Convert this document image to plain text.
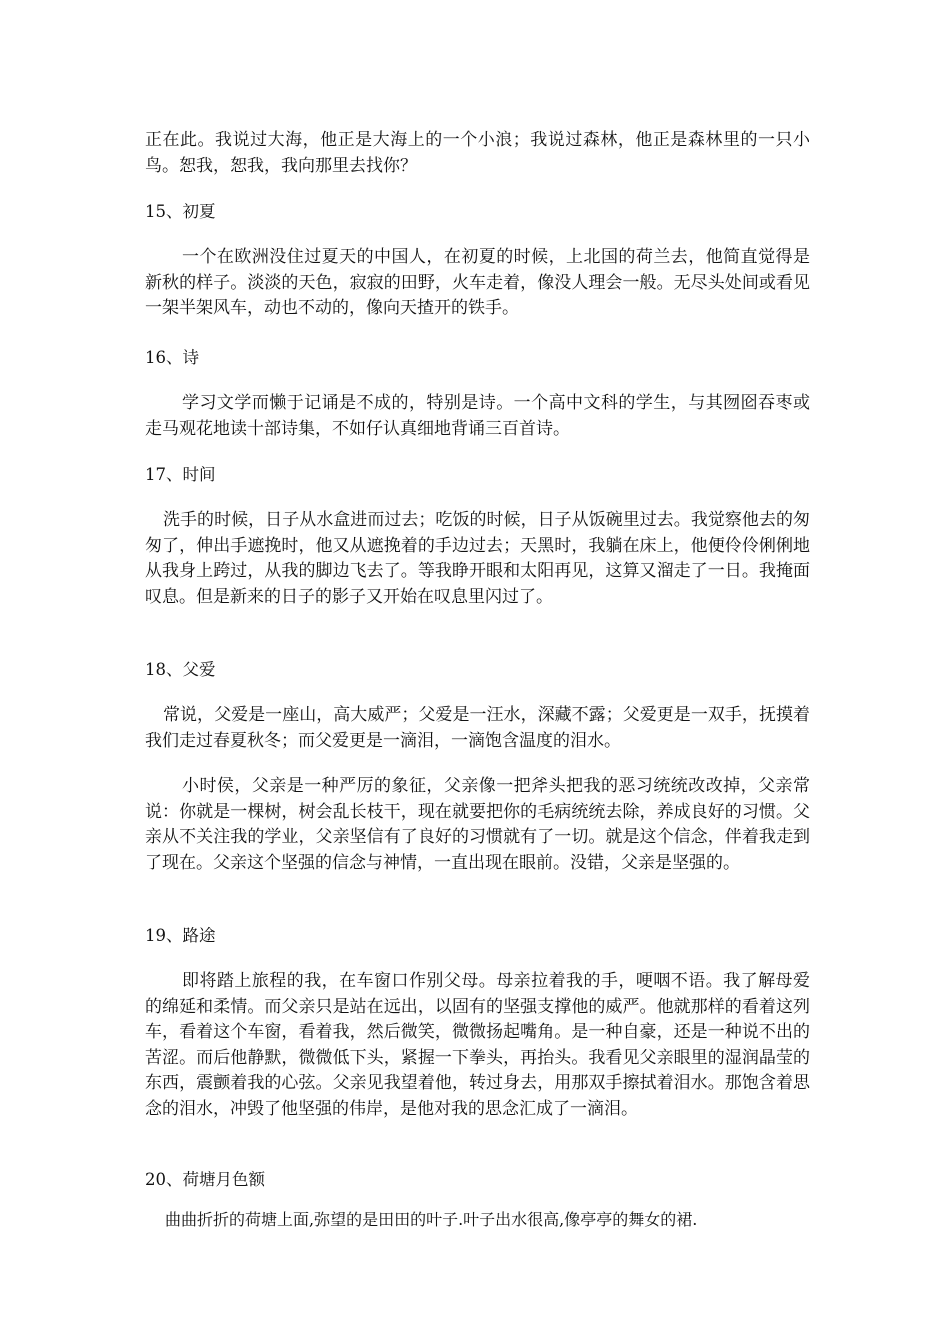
正在此。我说过大海，他正是大海上的一个小浪；我说过森林，他正是森林里的一只小鸟。恕我，恕我，我向那里去找你？

15、初夏

一个在欧洲没住过夏天的中国人，在初夏的时候，上北国的荷兰去，他简直觉得是新秋的样子。淡淡的天色，寂寂的田野，火车走着，像没人理会一般。无尽头处间或看见一架半架风车，动也不动的，像向天揸开的铁手。

16、诗

学习文学而懒于记诵是不成的，特别是诗。一个高中文科的学生，与其囫囵吞枣或走马观花地读十部诗集，不如仔认真细地背诵三百首诗。

17、时间

洗手的时候，日子从水盒进而过去；吃饭的时候，日子从饭碗里过去。我觉察他去的匆匆了，伸出手遮挽时，他又从遮挽着的手边过去；天黑时，我躺在床上，他便伶伶俐俐地从我身上跨过，从我的脚边飞去了。等我睁开眼和太阳再见，这算又溜走了一日。我掩面叹息。但是新来的日子的影子又开始在叹息里闪过了。

18、父爱

常说，父爱是一座山，高大威严；父爱是一汪水，深藏不露；父爱更是一双手，抚摸着我们走过春夏秋冬；而父爱更是一滴泪，一滴饱含温度的泪水。

小时侯，父亲是一种严厉的象征，父亲像一把斧头把我的恶习统统改改掉，父亲常说：你就是一棵树，树会乱长枝干，现在就要把你的毛病统统去除，养成良好的习惯。父亲从不关注我的学业，父亲坚信有了良好的习惯就有了一切。就是这个信念，伴着我走到了现在。父亲这个坚强的信念与神情，一直出现在眼前。没错，父亲是坚强的。

19、路途

即将踏上旅程的我，在车窗口作别父母。母亲拉着我的手，哽咽不语。我了解母爱的绵延和柔情。而父亲只是站在远出，以固有的坚强支撑他的威严。他就那样的看着这列车，看着这个车窗，看着我，然后微笑，微微扬起嘴角。是一种自豪，还是一种说不出的苦涩。而后他静默，微微低下头，紧握一下拳头，再抬头。我看见父亲眼里的湿润晶莹的东西，震颤着我的心弦。父亲见我望着他，转过身去，用那双手擦拭着泪水。那饱含着思念的泪水，冲毁了他坚强的伟岸，是他对我的思念汇成了一滴泪。

20、荷塘月色额

曲曲折折的荷塘上面,弥望的是田田的叶子.叶子出水很高,像亭亭的舞女的裙.
